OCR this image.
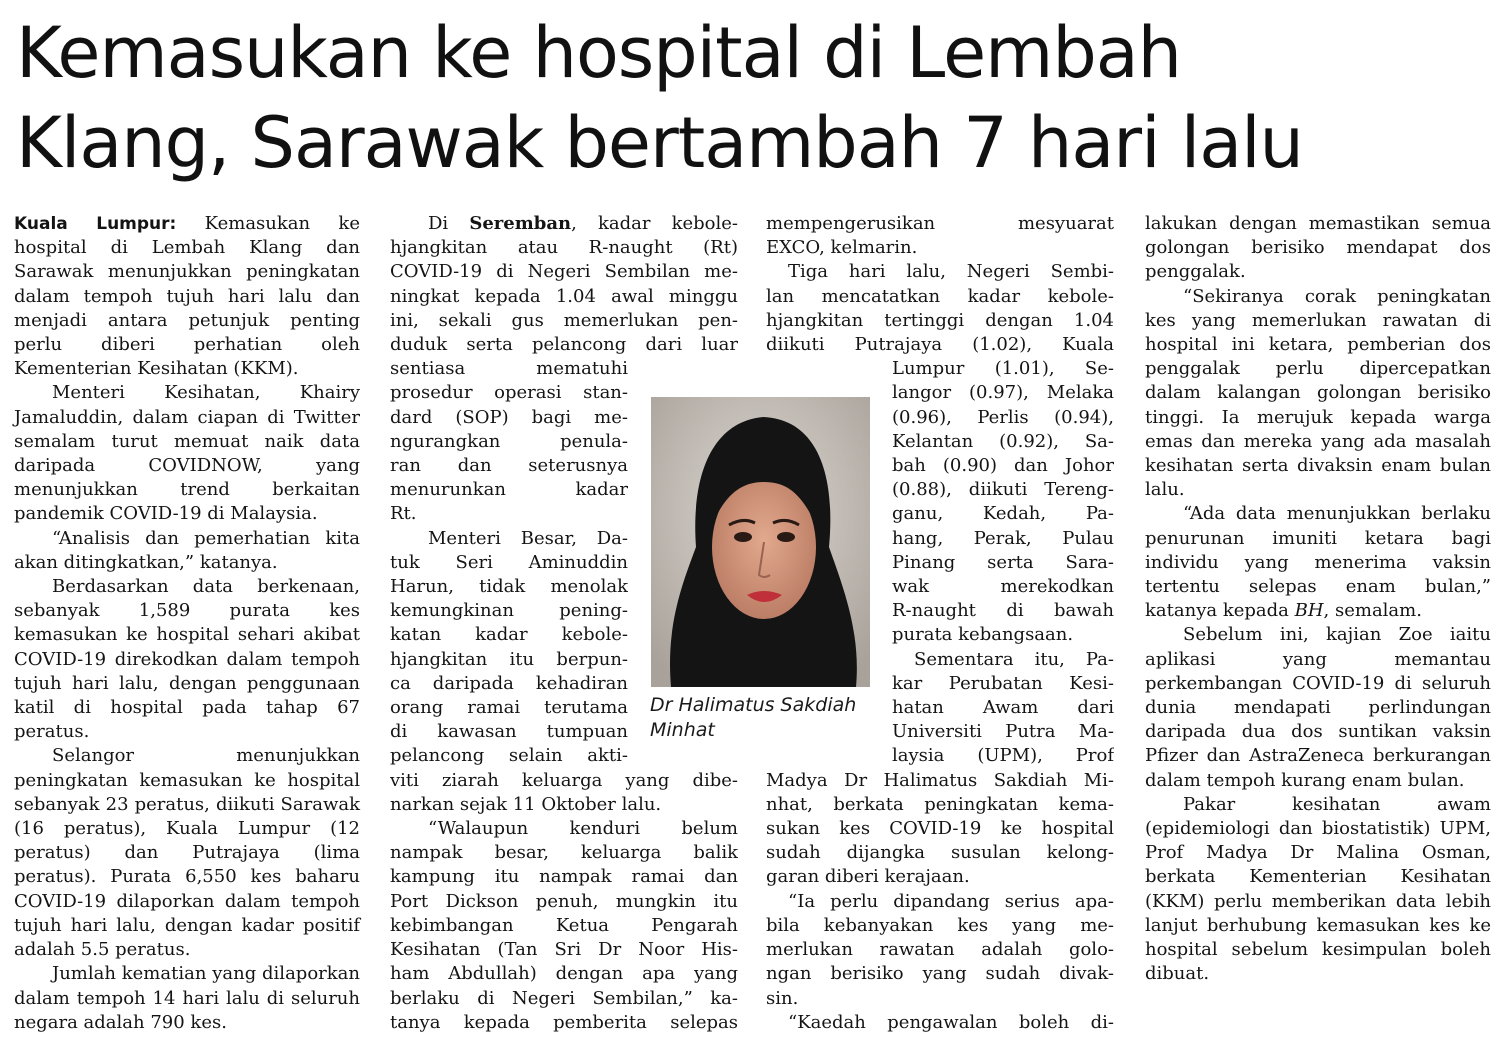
Kemasukan ke hospital di Lembah
Klang, Sarawak bertambah 7 hari lalu

Kuala Lumpur: Kemasukan ke hospital di Lembah Klang dan Sarawak menunjukkan peningkatan dalam tempoh tujuh hari lalu dan menjadi antara petunjuk penting perlu diberi perhatian oleh Kementerian Kesihatan (KKM).

Menteri Kesihatan, Khairy Jamaluddin, dalam ciapan di Twitter semalam turut memuat naik data daripada COVIDNOW, yang menunjukkan trend berkaitan pandemik COVID-19 di Malaysia.

“Analisis dan pemerhatian kita akan ditingkatkan,” katanya.

Berdasarkan data berkenaan, sebanyak 1,589 purata kes kemasukan ke hospital sehari akibat COVID-19 direkodkan dalam tempoh tujuh hari lalu, dengan penggunaan katil di hospital pada tahap 67 peratus.

Selangor menunjukkan peningkatan kemasukan ke hospital sebanyak 23 peratus, diikuti Sarawak (16 peratus), Kuala Lumpur (12 peratus) dan Putrajaya (lima peratus). Purata 6,550 kes baharu COVID-19 dilaporkan dalam tempoh tujuh hari lalu, dengan kadar positif adalah 5.5 peratus.

Jumlah kematian yang dilaporkan dalam tempoh 14 hari lalu di seluruh negara adalah 790 kes.

Di Seremban, kadar kebole-
hjangkitan atau R-naught (Rt)
COVID-19 di Negeri Sembilan me-
ningkat kepada 1.04 awal minggu
ini, sekali gus memerlukan pen-
duduk serta pelancong dari luar
sentiasa mematuhi
prosedur operasi stan-
dard (SOP) bagi me-
ngurangkan penula-
ran dan seterusnya
menurunkan kadar
Rt.
Menteri Besar, Da-
tuk Seri Aminuddin
Harun, tidak menolak
kemungkinan pening-
katan kadar kebole-
hjangkitan itu berpun-
ca daripada kehadiran
orang ramai terutama
di kawasan tumpuan
pelancong selain akti-
viti ziarah keluarga yang dibe-
narkan sejak 11 Oktober lalu.
“Walaupun kenduri belum
nampak besar, keluarga balik
kampung itu nampak ramai dan
Port Dickson penuh, mungkin itu
kebimbangan Ketua Pengarah
Kesihatan (Tan Sri Dr Noor His-
ham Abdullah) dengan apa yang
berlaku di Negeri Sembilan,” ka-
tanya kepada pemberita selepas
mempengerusikan mesyuarat
EXCO, kelmarin.
Tiga hari lalu, Negeri Sembi-
lan mencatatkan kadar kebole-
hjangkitan tertinggi dengan 1.04
diikuti Putrajaya (1.02), Kuala
Lumpur (1.01), Se-
langor (0.97), Melaka
(0.96), Perlis (0.94),
Kelantan (0.92), Sa-
bah (0.90) dan Johor
(0.88), diikuti Tereng-
ganu, Kedah, Pa-
hang, Perak, Pulau
Pinang serta Sara-
wak merekodkan
R-naught di bawah
purata kebangsaan.
Sementara itu, Pa-
kar Perubatan Kesi-
hatan Awam dari
Universiti Putra Ma-
laysia (UPM), Prof
Madya Dr Halimatus Sakdiah Mi-
nhat, berkata peningkatan kema-
sukan kes COVID-19 ke hospital
sudah dijangka susulan kelong-
garan diberi kerajaan.
“Ia perlu dipandang serius apa-
bila kebanyakan kes yang me-
merlukan rawatan adalah golo-
ngan berisiko yang sudah divak-
sin.
“Kaedah pengawalan boleh di-

lakukan dengan memastikan semua golongan berisiko mendapat dos penggalak.

“Sekiranya corak peningkatan kes yang memerlukan rawatan di hospital ini ketara, pemberian dos penggalak perlu dipercepatkan dalam kalangan golongan berisiko tinggi. Ia merujuk kepada warga emas dan mereka yang ada masalah kesihatan serta divaksin enam bulan lalu.

“Ada data menunjukkan berlaku penurunan imuniti ketara bagi individu yang menerima vaksin tertentu selepas enam bulan,” katanya kepada BH, semalam.

Sebelum ini, kajian Zoe iaitu aplikasi yang memantau perkembangan COVID-19 di seluruh dunia mendapati perlindungan daripada dua dos suntikan vaksin Pfizer dan AstraZeneca berkurangan dalam tempoh kurang enam bulan.

Pakar kesihatan awam (epidemiologi dan biostatistik) UPM, Prof Madya Dr Malina Osman, berkata Kementerian Kesihatan (KKM) perlu memberikan data lebih lanjut berhubung kemasukan kes ke hospital sebelum kesimpulan boleh dibuat.

Dr Halimatus Sakdiah
Minhat
